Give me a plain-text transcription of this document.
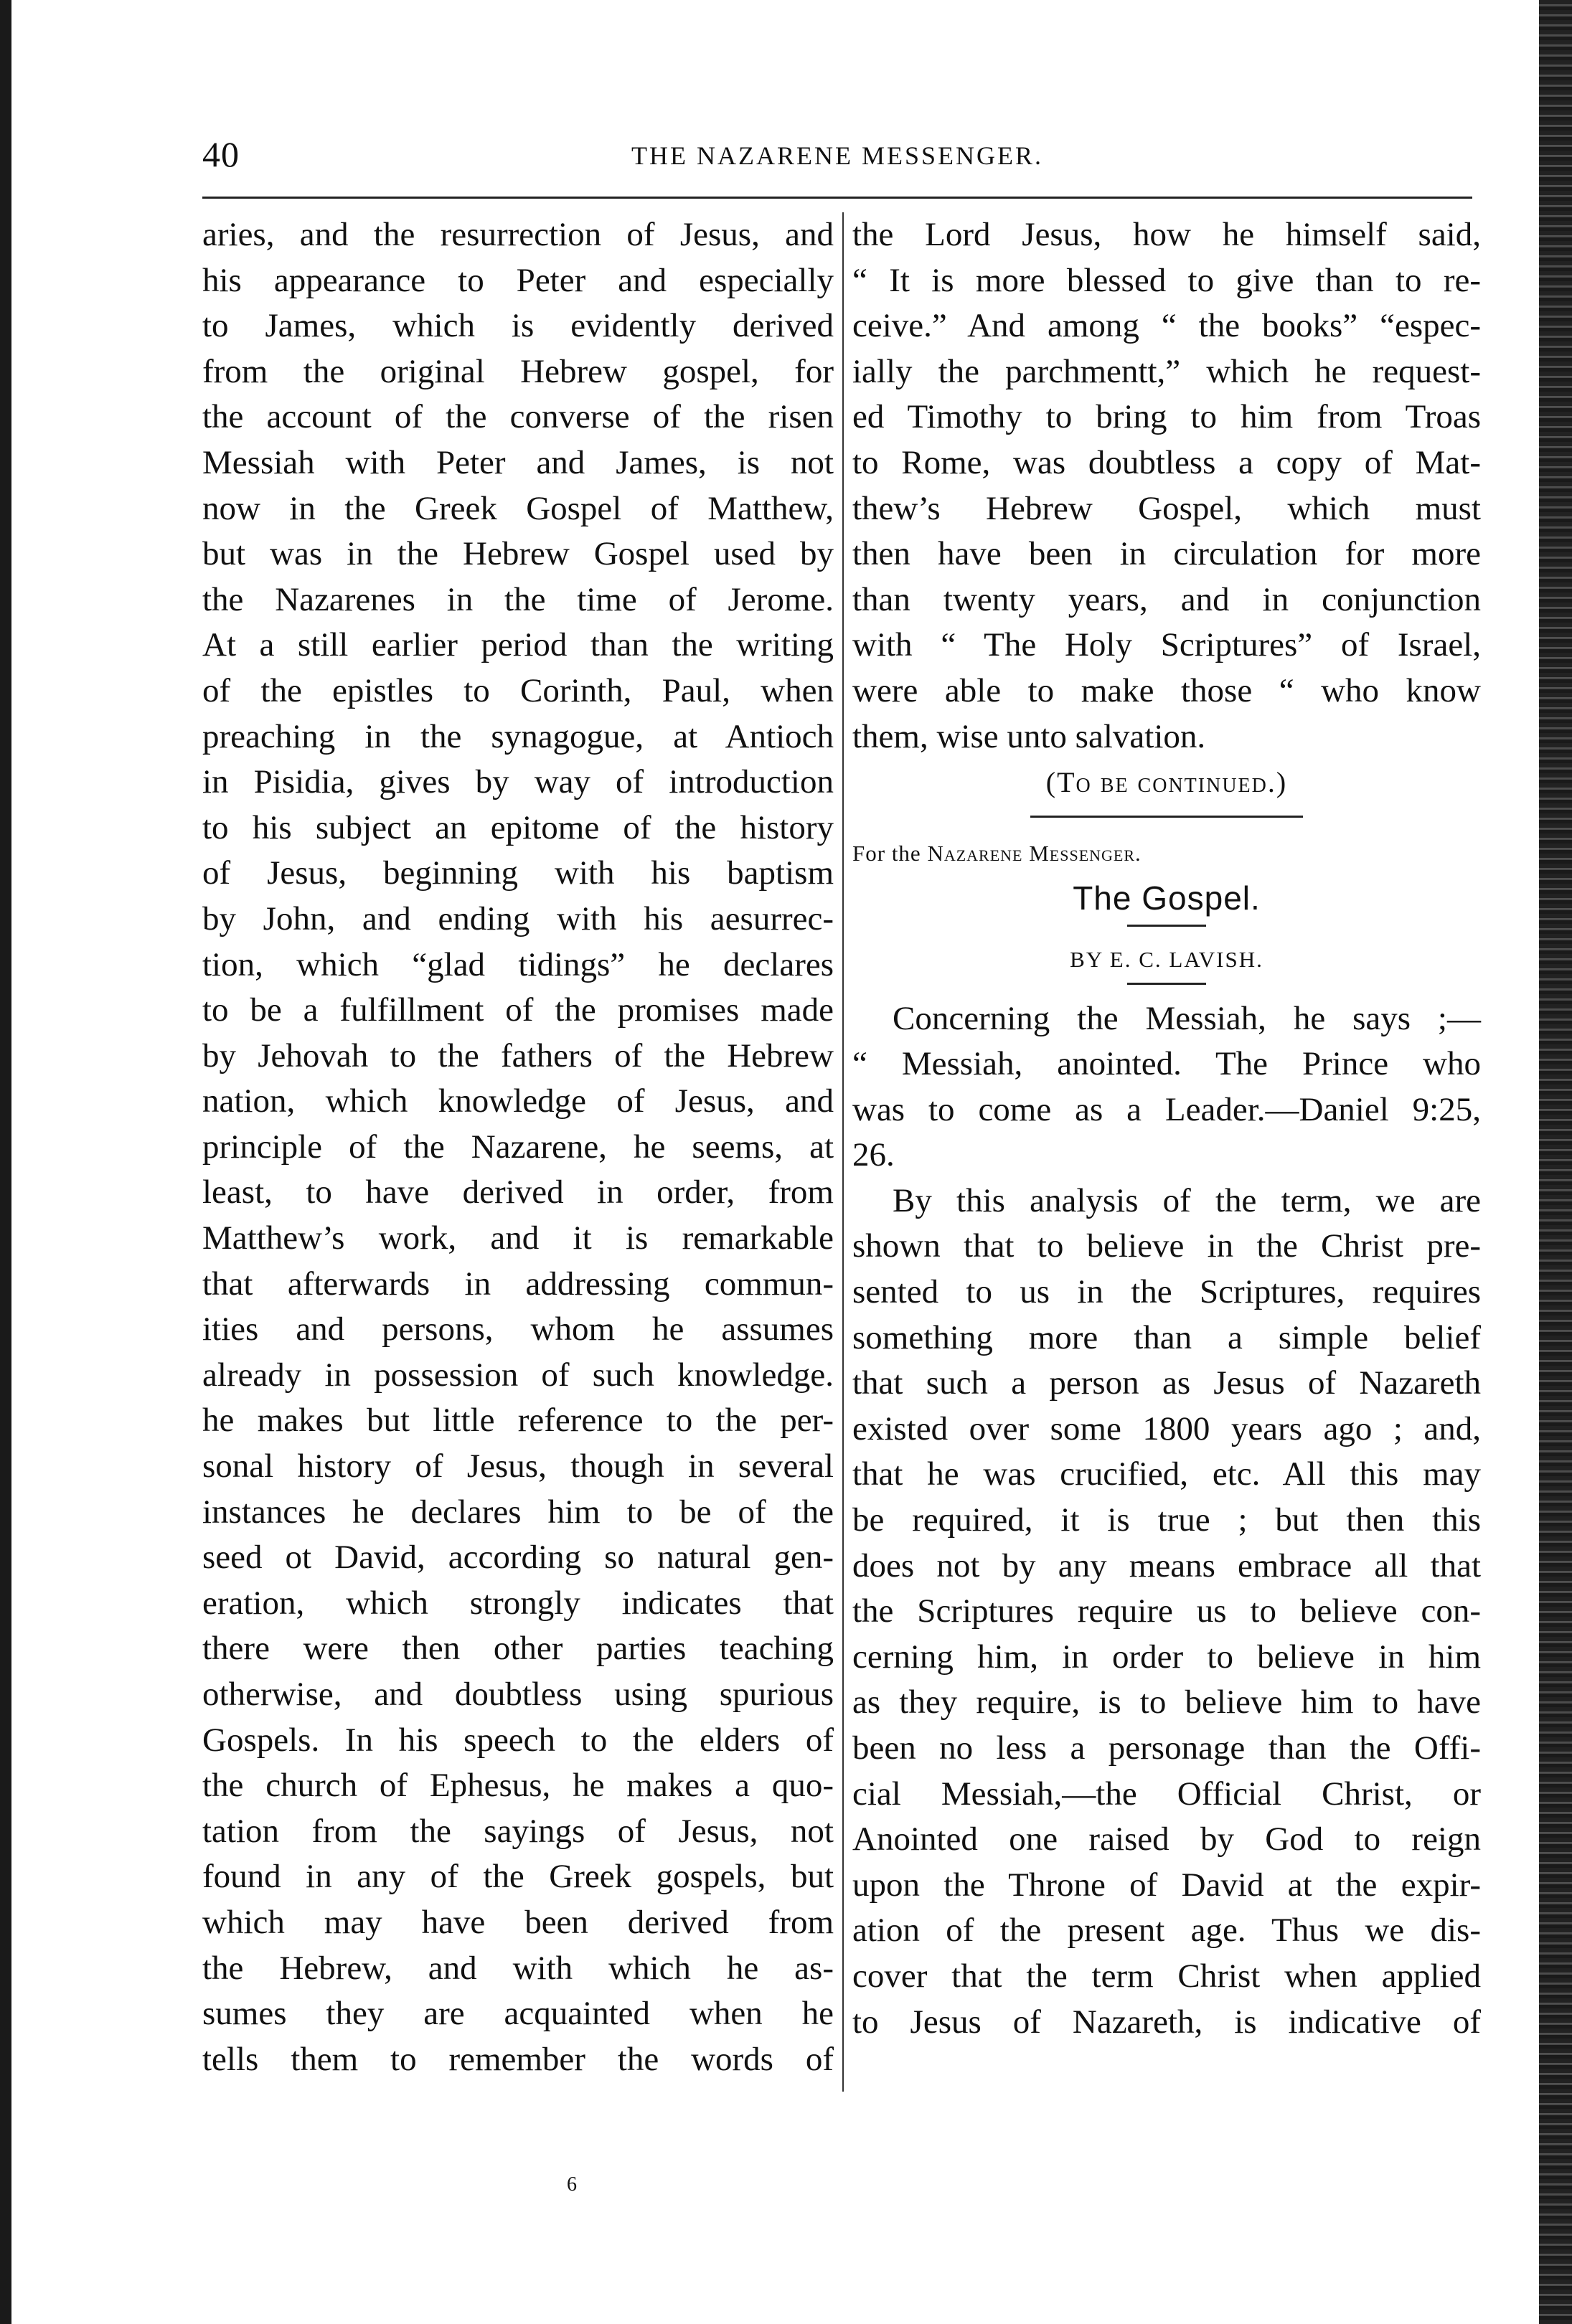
40	THE NAZARENE MESSENGER.
aries, and the resurrection of Jesus, and
his appearance to Peter and especially
to James, which is evidently derived
from the original Hebrew gospel, for
the account of the converse of the risen
Messiah with Peter and James, is not
now in the Greek Gospel of Matthew,
but was in the Hebrew Gospel used by
the Nazarenes in the time of Jerome.
At a still earlier period than the writing
of the epistles to Corinth, Paul, when
preaching in the synagogue, at Antioch
in Pisidia, gives by way of introduction
to his subject an epitome of the history
of Jesus, beginning with his baptism
by John, and ending with his aesurrec-
tion, which “glad tidings” he declares
to be a fulfillment of the promises made
by Jehovah to the fathers of the Hebrew
nation, which knowledge of Jesus, and
principle of the Nazarene, he seems, at
least, to have derived in order, from
Matthew’s work, and it is remarkable
that afterwards in addressing commun-
ities and persons, whom he assumes
already in possession of such knowledge.
he makes but little reference to the per-
sonal history of Jesus, though in several
instances he declares him to be of the
seed ot David, according so natural gen-
eration, which strongly indicates that
there were then other parties teaching
otherwise, and doubtless using spurious
Gospels. In his speech to the elders of
the church of Ephesus, he makes a quo-
tation from the sayings of Jesus, not
found in any of the Greek gospels, but
which may have been derived from
the Hebrew, and with which he as-
sumes they are acquainted when he
tells them to remember the words of
the Lord Jesus, how he himself said,
“ It is more blessed to give than to re-
ceive.” And among “ the books” “espec-
ially the parchmentt,” which he request-
ed Timothy to bring to him from Troas
to Rome, was doubtless a copy of Mat-
thew’s Hebrew Gospel, which must
then have been in circulation for more
than twenty years, and in conjunction
with “ The Holy Scriptures” of Israel,
were able to make those “ who know
them, wise unto salvation.
(To be continued.)
For the Nazarene Messenger.
The Gospel.
BY E. C. LAVISH.
Concerning the Messiah, he says ;—
“ Messiah, anointed. The Prince who
was to come as a Leader.—Daniel 9:25,
26.
By this analysis of the term, we are
shown that to believe in the Christ pre-
sented to us in the Scriptures, requires
something more than a simple belief
that such a person as Jesus of Nazareth
existed over some 1800 years ago ; and,
that he was crucified, etc. All this may
be required, it is true ; but then this
does not by any means embrace all that
the Scriptures require us to believe con-
cerning him, in order to believe in him
as they require, is to believe him to have
been no less a personage than the Offi-
cial Messiah,—the Official Christ, or
Anointed one raised by God to reign
upon the Throne of David at the expir-
ation of the present age. Thus we dis-
cover that the term Christ when applied
to Jesus of Nazareth, is indicative of
6
